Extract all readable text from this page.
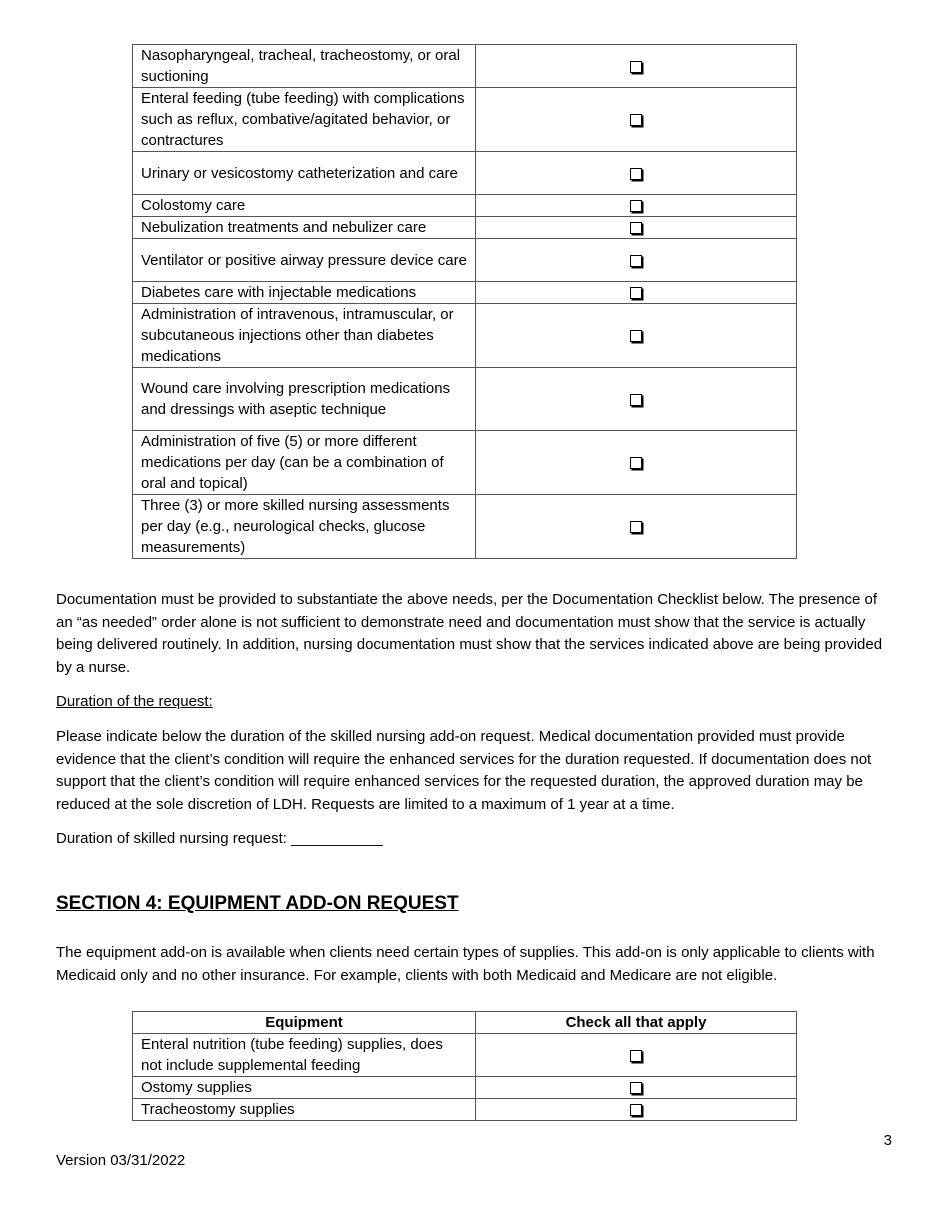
Nasopharyngeal, tracheal, tracheostomy, or oral suctioning	
Enteral feeding (tube feeding) with complications such as reflux, combative/agitated behavior, or contractures	
Urinary or vesicostomy catheterization and care	
Colostomy care	
Nebulization treatments and nebulizer care	
Ventilator or positive airway pressure device care	
Diabetes care with injectable medications	
Administration of intravenous, intramuscular, or subcutaneous injections other than diabetes medications	
Wound care involving prescription medications and dressings with aseptic technique	
Administration of five (5) or more different medications per day (can be a combination of oral and topical)	
Three (3) or more skilled nursing assessments per day (e.g., neurological checks, glucose measurements)	

Documentation must be provided to substantiate the above needs, per the Documentation Checklist below. The presence of an “as needed” order alone is not sufficient to demonstrate need and documentation must show that the service is actually being delivered routinely. In addition, nursing documentation must show that the services indicated above are being provided by a nurse.

Duration of the request:

Please indicate below the duration of the skilled nursing add-on request. Medical documentation provided must provide evidence that the client’s condition will require the enhanced services for the duration requested. If documentation does not support that the client’s condition will require enhanced services for the requested duration, the approved duration may be reduced at the sole discretion of LDH. Requests are limited to a maximum of 1 year at a time.

Duration of skilled nursing request: ___________

SECTION 4: EQUIPMENT ADD-ON REQUEST

The equipment add-on is available when clients need certain types of supplies. This add-on is only applicable to clients with Medicaid only and no other insurance. For example, clients with both Medicaid and Medicare are not eligible.

Equipment	Check all that apply
Enteral nutrition (tube feeding) supplies, does not include supplemental feeding	
Ostomy supplies	
Tracheostomy supplies	
3
Version 03/31/2022
